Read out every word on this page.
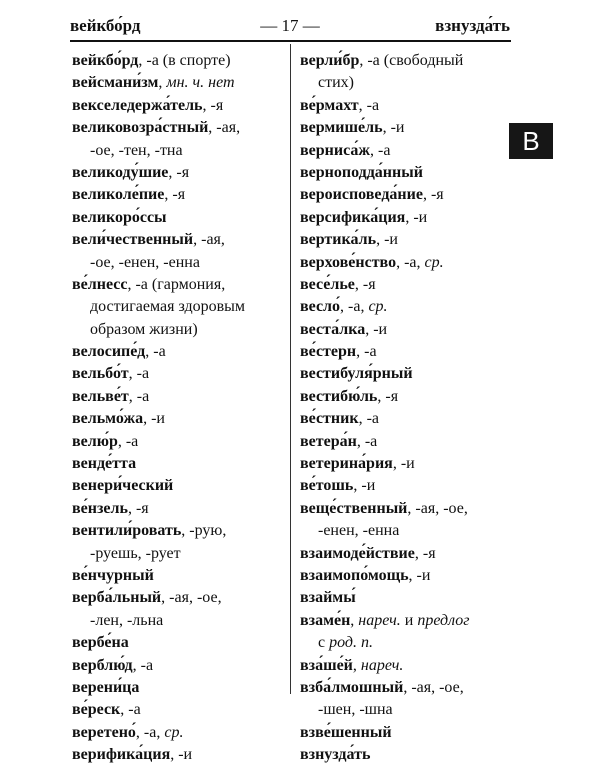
вейкбо́рд	— 17 —	взнузда́ть
В
вейкбо́рд, -а (в спорте)
вейсмани́зм, мн. ч. нет
векселедержа́тель, -я
великовозра́стный, -ая,
-ое, -тен, -тна
великоду́шие, -я
великоле́пие, -я
великоро́ссы
вели́чественный, -ая,
-ое, -енен, -енна
ве́лнесс, -а (гармония,
достигаемая здоровым
образом жизни)
велосипе́д, -а
вельбо́т, -а
вельве́т, -а
вельмо́жа, -и
велю́р, -а
венде́тта
венери́ческий
ве́нзель, -я
вентили́ровать, -рую,
-руешь, -рует
ве́нчурный
верба́льный, -ая, -ое,
-лен, -льна
вербе́на
верблю́д, -а
верени́ца
ве́реск, -а
веретено́, -а, ср.
верифика́ция, -и
верли́бр, -а (свободный
стих)
ве́рмахт, -а
вермише́ль, -и
верниса́ж, -а
верноподда́нный
вероисповеда́ние, -я
версифика́ция, -и
вертика́ль, -и
верхове́нство, -а, ср.
весе́лье, -я
весло́, -а, ср.
веста́лка, -и
ве́стерн, -а
вестибуля́рный
вестибю́ль, -я
ве́стник, -а
ветера́н, -а
ветерина́рия, -и
ве́тошь, -и
веще́ственный, -ая, -ое,
-енен, -енна
взаимоде́йствие, -я
взаимопо́мощь, -и
взаймы́
взаме́н, нареч. и предлог
с род. п.
вза́ше́й, нареч.
взба́лмошный, -ая, -ое,
-шен, -шна
взве́шенный
взнузда́ть
